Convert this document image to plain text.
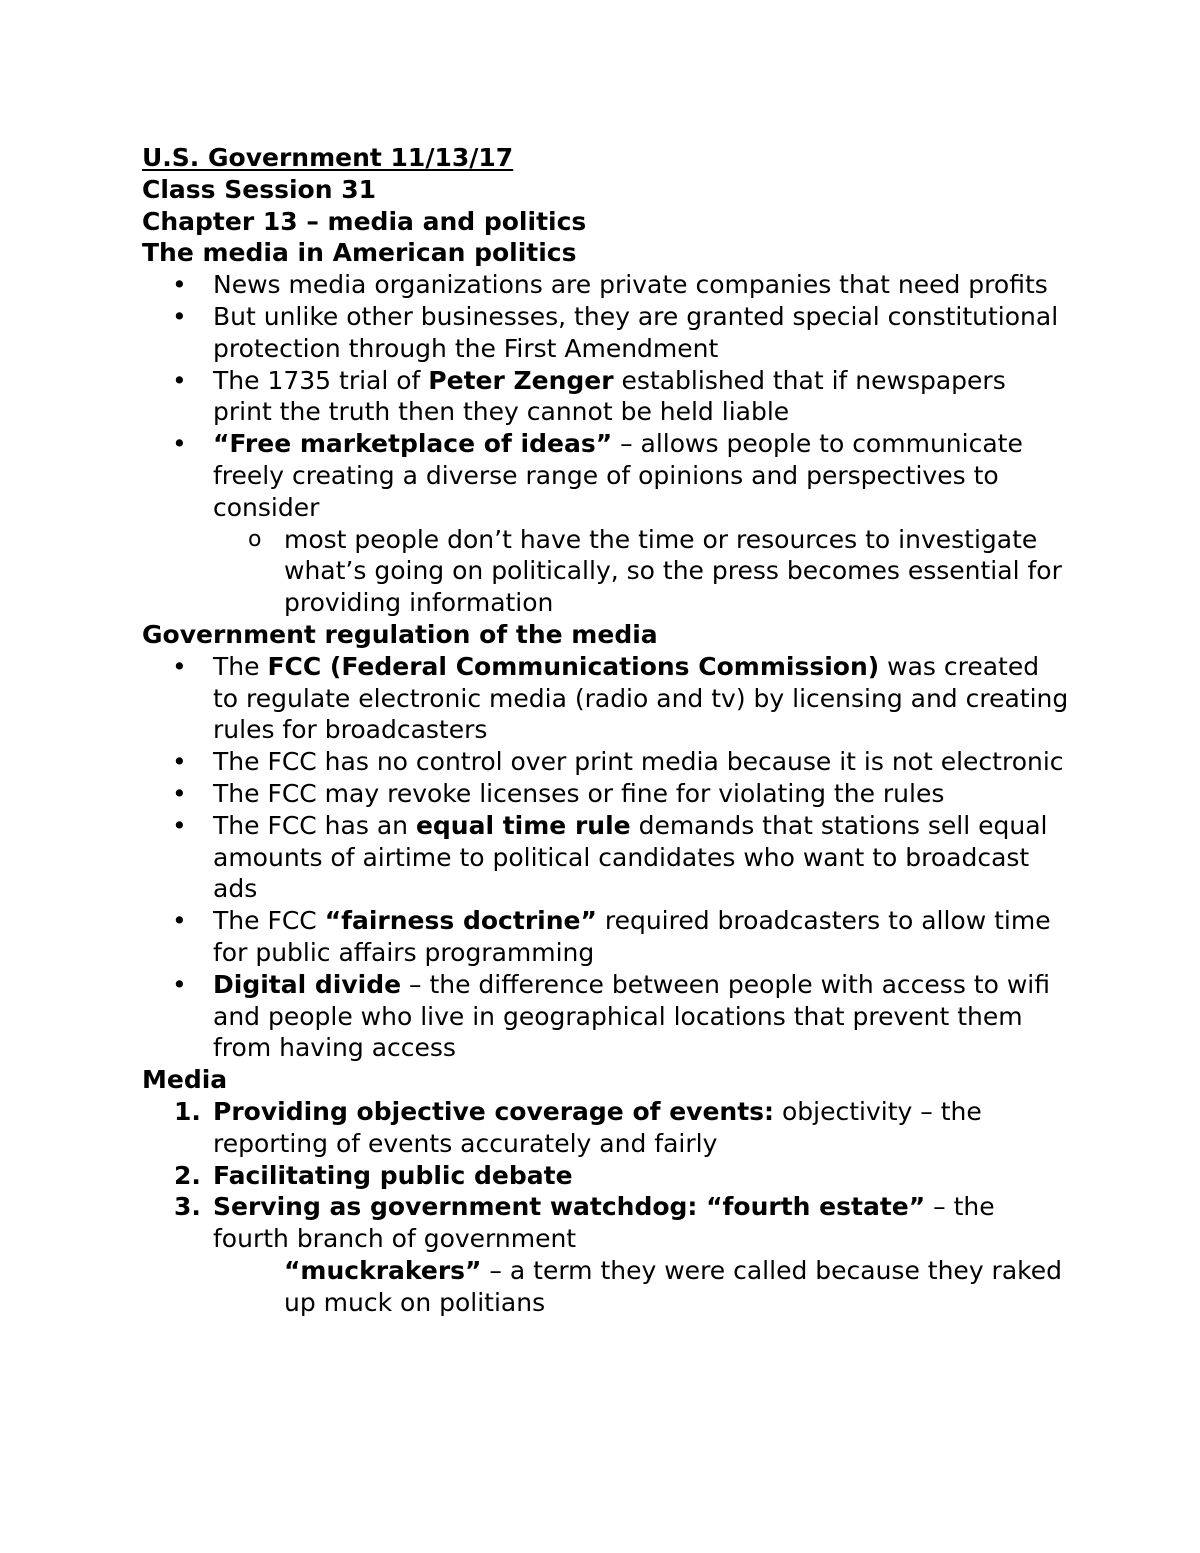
U.S. Government 11/13/17
Class Session 31
Chapter 13 – media and politics
The media in American politics
• News media organizations are private companies that need profits
• But unlike other businesses, they are granted special constitutional protection through the First Amendment
• The 1735 trial of Peter Zenger established that if newspapers print the truth then they cannot be held liable
• “Free marketplace of ideas” – allows people to communicate freely creating a diverse range of opinions and perspectives to consider
o most people don’t have the time or resources to investigate what’s going on politically, so the press becomes essential for providing information
Government regulation of the media
• The FCC (Federal Communications Commission) was created to regulate electronic media (radio and tv) by licensing and creating rules for broadcasters
• The FCC has no control over print media because it is not electronic
• The FCC may revoke licenses or fine for violating the rules
• The FCC has an equal time rule demands that stations sell equal amounts of airtime to political candidates who want to broadcast ads
• The FCC “fairness doctrine” required broadcasters to allow time for public affairs programming
• Digital divide – the difference between people with access to wifi and people who live in geographical locations that prevent them from having access
Media
1. Providing objective coverage of events: objectivity – the reporting of events accurately and fairly
2. Facilitating public debate
3. Serving as government watchdog: “fourth estate” – the fourth branch of government
“muckrakers” – a term they were called because they raked up muck on politians
